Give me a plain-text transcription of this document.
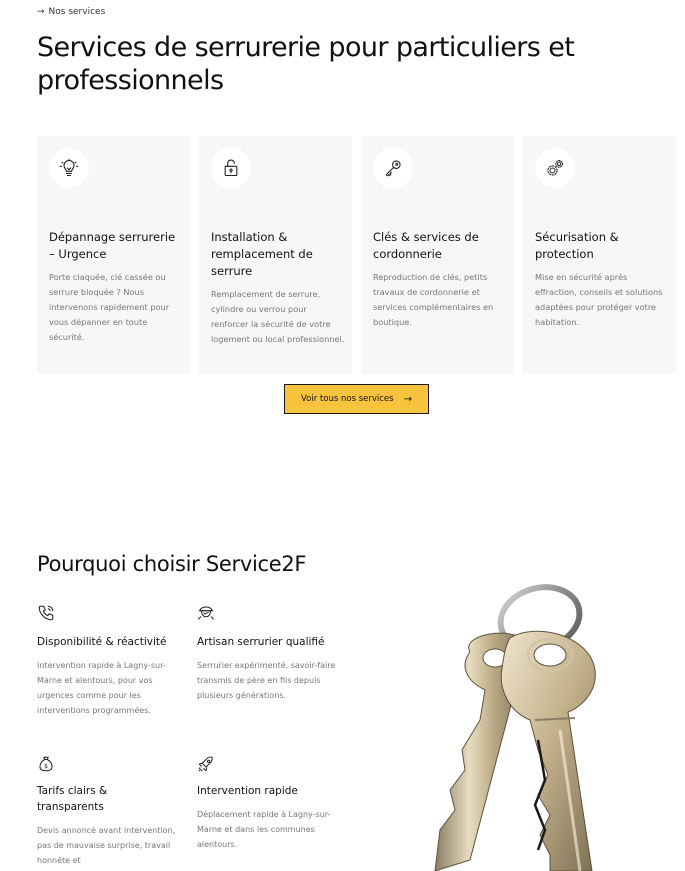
→ Nos services
Services de serrurerie pour particuliers et professionnels
Dépannage serrurerie – Urgence

Porte claquée, clé cassée ou serrure bloquée ? Nous intervenons rapidement pour vous dépanner en toute sécurité.

Installation & remplacement de serrure

Remplacement de serrure, cylindre ou verrou pour renforcer la sécurité de votre logement ou local professionnel.

Clés & services de cordonnerie

Reproduction de clés, petits travaux de cordonnerie et services complémentaires en boutique.

Sécurisation & protection

Mise en sécurité après effraction, conseils et solutions adaptées pour protéger votre habitation.

Voir tous nos services →
Pourquoi choisir Service2F
Disponibilité & réactivité

Intervention rapide à Lagny-sur-Marne et alentours, pour vos urgences comme pour les interventions programmées.

Artisan serrurier qualifié

Serrurier expérimenté, savoir-faire transmis de père en fils depuis plusieurs générations.

$
Tarifs clairs & transparents

Devis annoncé avant intervention, pas de mauvaise surprise, travail honnête et

Intervention rapide

Déplacement rapide à Lagny-sur-Marne et dans les communes alentours.
